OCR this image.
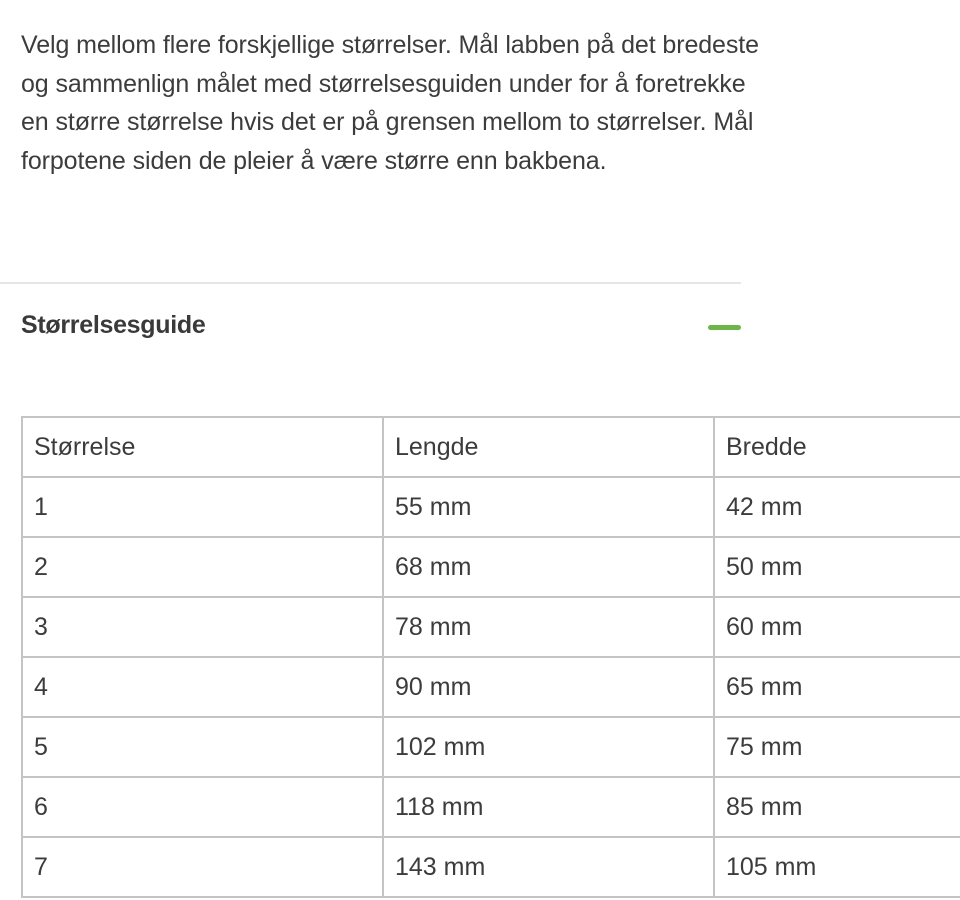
Velg mellom flere forskjellige størrelser. Mål labben på det bredeste og sammenlign målet med størrelsesguiden under for å foretrekke en større størrelse hvis det er på grensen mellom to størrelser. Mål forpotene siden de pleier å være større enn bakbena.

Størrelsesguide
Størrelse	Lengde	Bredde
1	55 mm	42 mm
2	68 mm	50 mm
3	78 mm	60 mm
4	90 mm	65 mm
5	102 mm	75 mm
6	118 mm	85 mm
7	143 mm	105 mm
